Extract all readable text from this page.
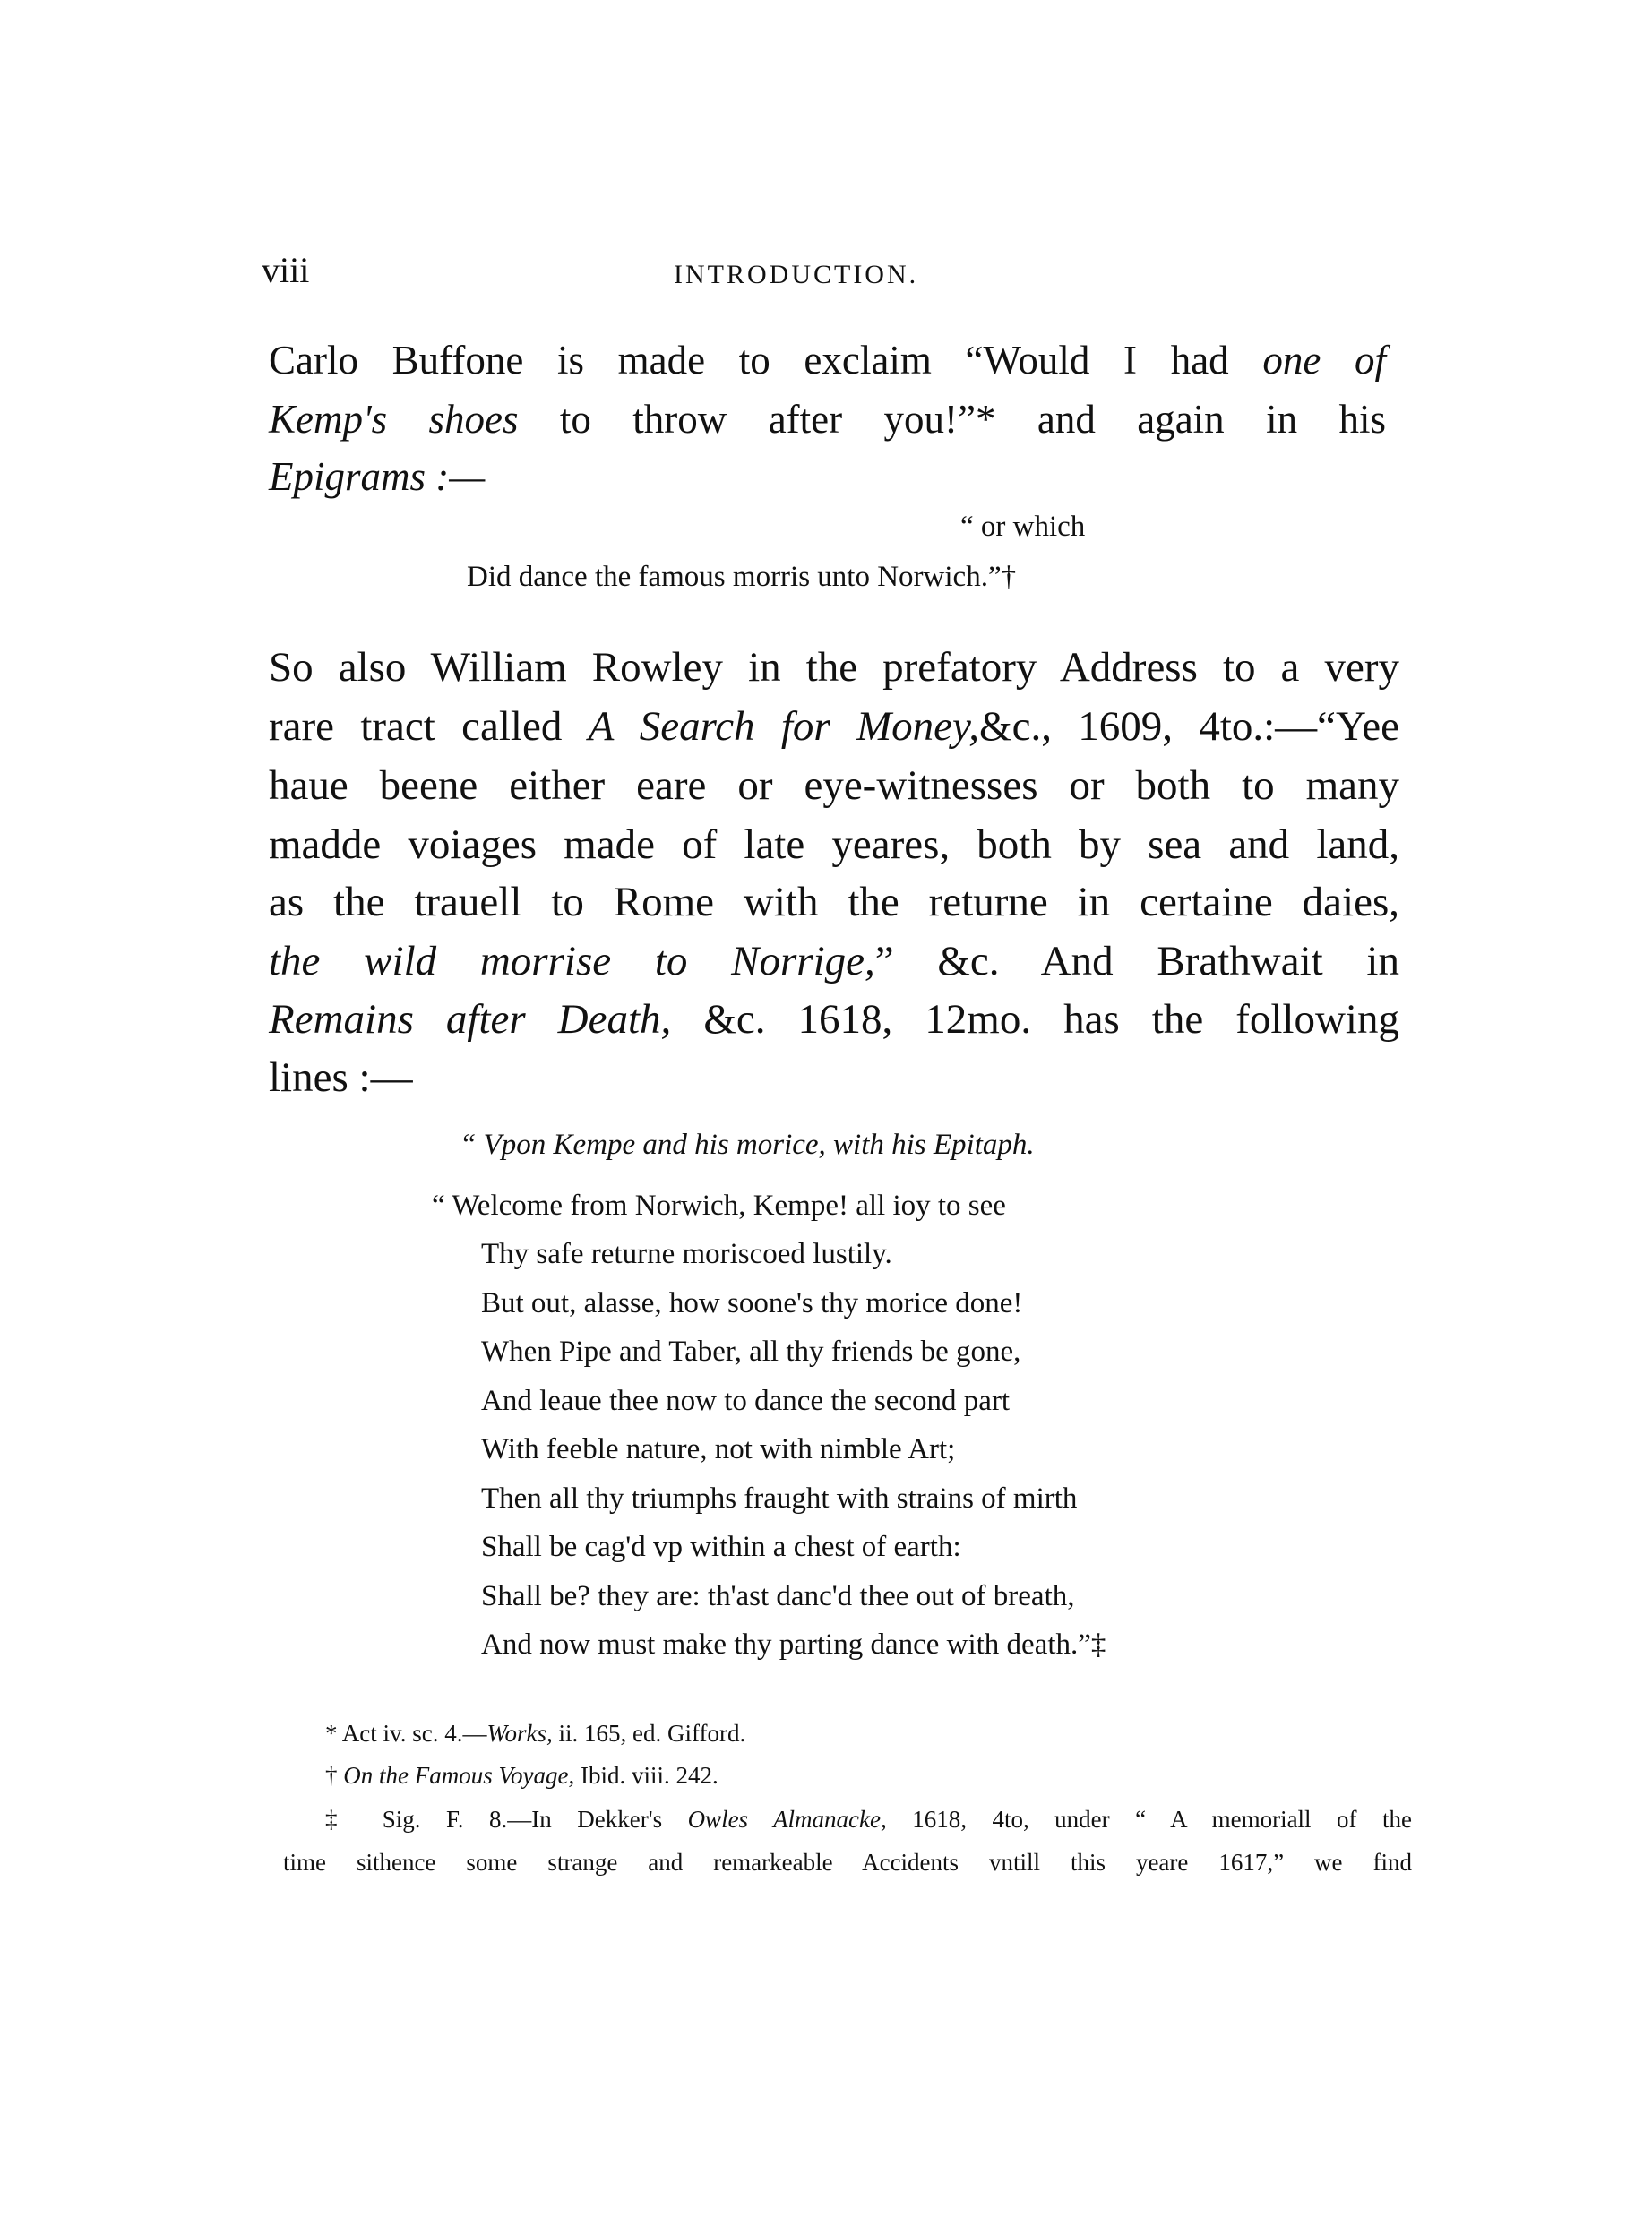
viii	INTRODUCTION.
Carlo Buffone is made to exclaim “Would I had one of
Kemp's shoes to throw after you!”* and again in his
Epigrams :—
“ or which
Did dance the famous morris unto Norwich.”†
So also William Rowley in the prefatory Address to a very
rare tract called A Search for Money,&c., 1609, 4to.:—“Yee
haue beene either eare or eye-witnesses or both to many
madde voiages made of late yeares, both by sea and land,
as the trauell to Rome with the returne in certaine daies,
the wild morrise to Norrige,” &c. And Brathwait in
Remains after Death, &c. 1618, 12mo. has the following
lines :—
“ Vpon Kempe and his morice, with his Epitaph.
“ Welcome from Norwich, Kempe! all ioy to see
Thy safe returne moriscoed lustily.
But out, alasse, how soone's thy morice done!
When Pipe and Taber, all thy friends be gone,
And leaue thee now to dance the second part
With feeble nature, not with nimble Art;
Then all thy triumphs fraught with strains of mirth
Shall be cag'd vp within a chest of earth:
Shall be? they are: th'ast danc'd thee out of breath,
And now must make thy parting dance with death.”‡
* Act iv. sc. 4.—Works, ii. 165, ed. Gifford.
† On the Famous Voyage, Ibid. viii. 242.
‡ Sig. F. 8.—In Dekker's Owles Almanacke, 1618, 4to, under “ A memoriall of the
time sithence some strange and remarkeable Accidents vntill this yeare 1617,” we find
